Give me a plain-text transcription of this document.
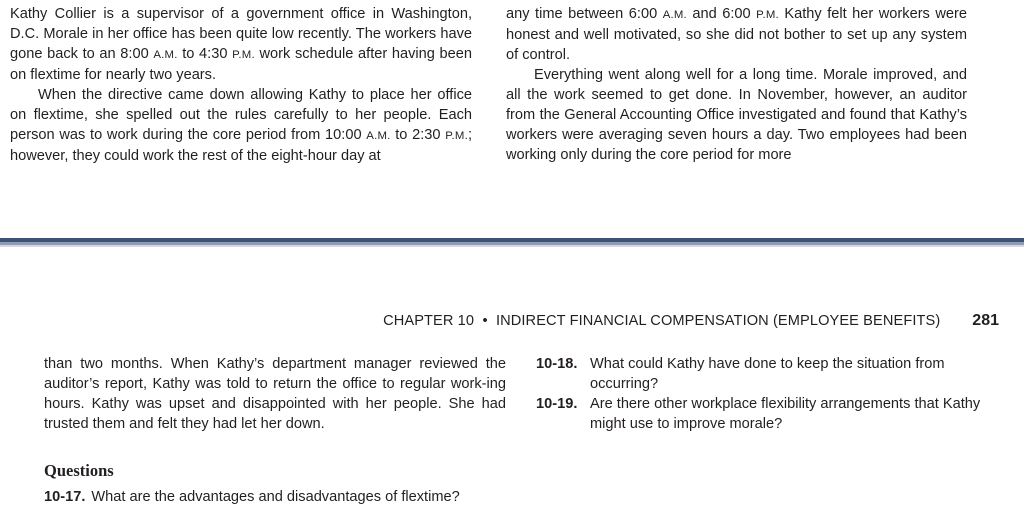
Kathy Collier is a supervisor of a government office in Washington, D.C. Morale in her office has been quite low recently. The workers have gone back to an 8:00 A.M. to 4:30 P.M. work schedule after having been on flextime for nearly two years.

When the directive came down allowing Kathy to place her office on flextime, she spelled out the rules carefully to her people. Each person was to work during the core period from 10:00 A.M. to 2:30 P.M.; however, they could work the rest of the eight-hour day at

any time between 6:00 A.M. and 6:00 P.M. Kathy felt her workers were honest and well motivated, so she did not bother to set up any system of control.

Everything went along well for a long time. Morale improved, and all the work seemed to get done. In November, however, an auditor from the General Accounting Office investigated and found that Kathy’s workers were averaging seven hours a day. Two employees had been working only during the core period for more

CHAPTER 10 • INDIRECT FINANCIAL COMPENSATION (EMPLOYEE BENEFITS) 281

than two months. When Kathy’s department manager reviewed the auditor’s report, Kathy was told to return the office to regular work-ing hours. Kathy was upset and disappointed with her people. She had trusted them and felt they had let her down.

Questions
10-17. What are the advantages and disadvantages of flextime?
10-18. What could Kathy have done to keep the situation from occurring?
10-19. Are there other workplace flexibility arrangements that Kathy might use to improve morale?
